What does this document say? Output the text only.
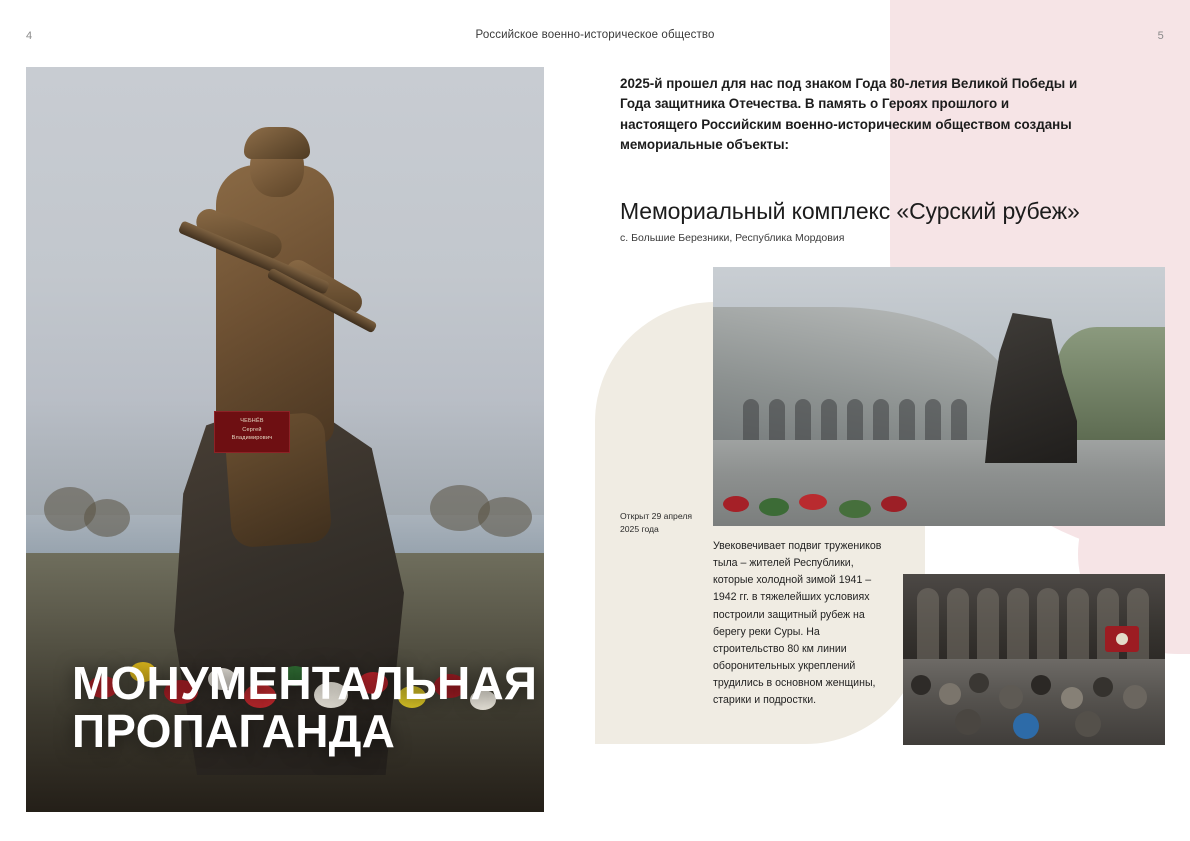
4	Российское военно-историческое общество	5
ЧЕБНЁВ
Сергей
Владимирович
МОНУМЕНТАЛЬНАЯ
ПРОПАГАНДА
2025-й прошел для нас под знаком Года 80-летия Великой Победы и Года защитника Отечества. В память о Героях прошлого и настоящего Российским военно-историческим обществом созданы мемориальные объекты:
Мемориальный комплекс «Сурский рубеж»
с. Большие Березники, Республика Мордовия
Открыт 29 апреля 2025 года
Увековечивает подвиг тружеников тыла – жителей Республики, которые холодной зимой 1941 – 1942 гг. в тяжелейших условиях построили защитный рубеж на берегу реки Суры. На строительство 80 км линии оборонительных укреплений трудились в основном женщины, старики и подростки.
